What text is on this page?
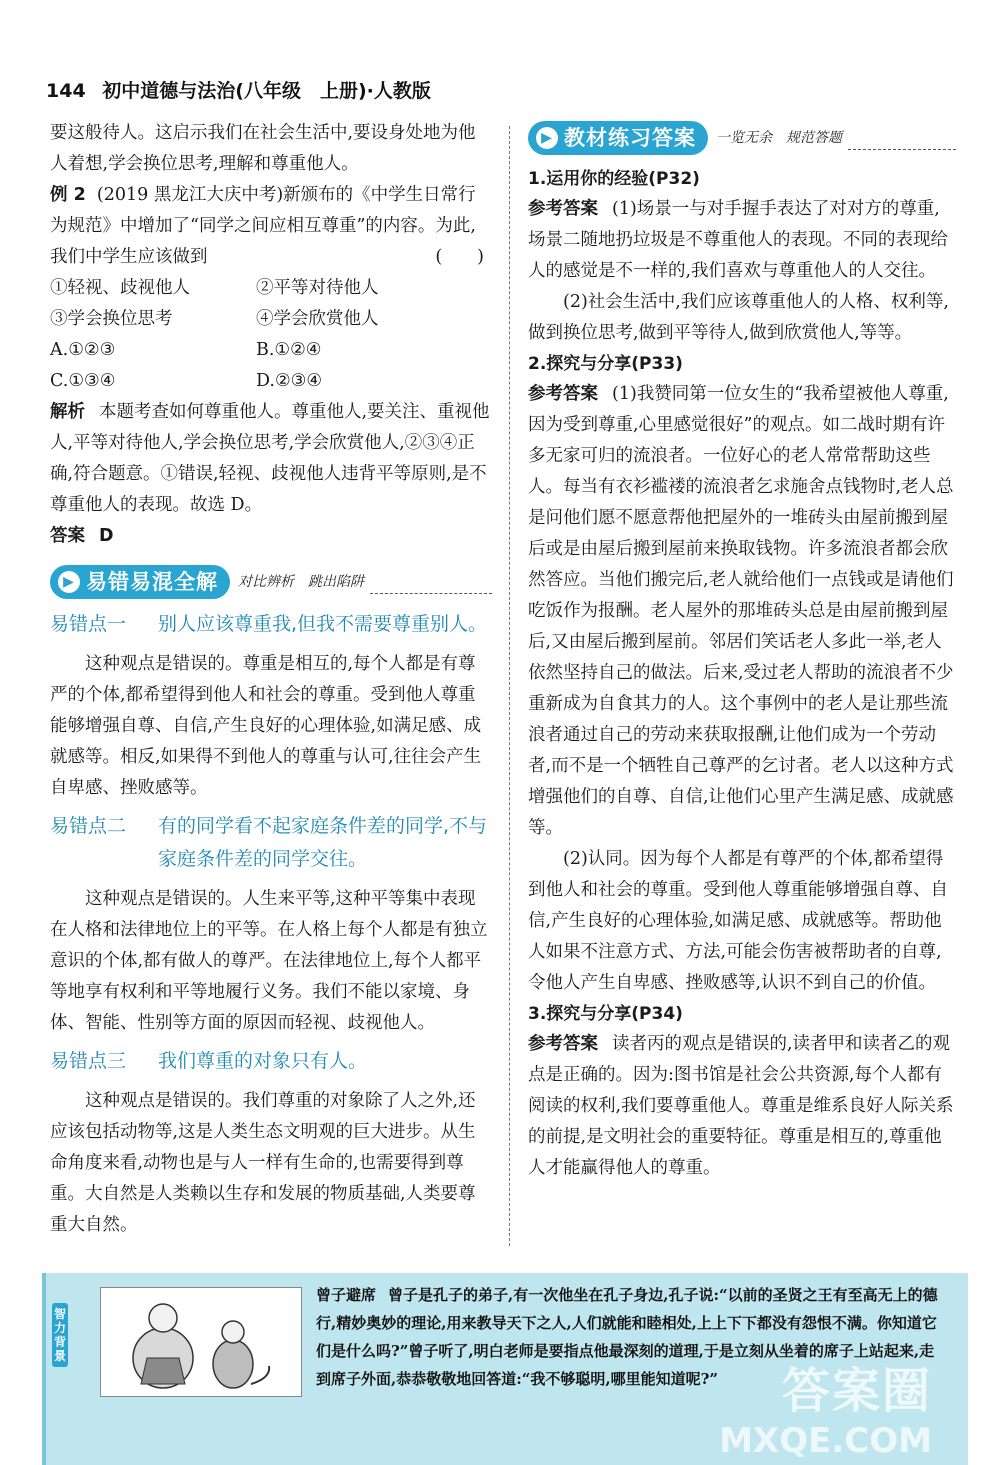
144 初中道德与法治(八年级　上册)·人教版

要这般待人。这启示我们在社会生活中,要设身处地为他人着想,学会换位思考,理解和尊重他人。

例 2 (2019 黑龙江大庆中考)新颁布的《中学生日常行为规范》中增加了“同学之间应相互尊重”的内容。为此,我们中学生应该做到	(　　)

①轻视、歧视他人	②平等对待他人
③学会换位思考	④学会欣赏他人
A.①②③	B.①②④
C.①③④	D.②③④

解析 本题考查如何尊重他人。尊重他人,要关注、重视他人,平等对待他人,学会换位思考,学会欣赏他人,②③④正确,符合题意。①错误,轻视、歧视他人违背平等原则,是不尊重他人的表现。故选 D。

答案 D

▶ 易错易混全解 对比辨析　跳出陷阱
易错点一	别人应该尊重我,但我不需要尊重别人。

这种观点是错误的。尊重是相互的,每个人都是有尊严的个体,都希望得到他人和社会的尊重。受到他人尊重能够增强自尊、自信,产生良好的心理体验,如满足感、成就感等。相反,如果得不到他人的尊重与认可,往往会产生自卑感、挫败感等。

易错点二	有的同学看不起家庭条件差的同学,不与家庭条件差的同学交往。

这种观点是错误的。人生来平等,这种平等集中表现在人格和法律地位上的平等。在人格上每个人都是有独立意识的个体,都有做人的尊严。在法律地位上,每个人都平等地享有权利和平等地履行义务。我们不能以家境、身体、智能、性别等方面的原因而轻视、歧视他人。

易错点三	我们尊重的对象只有人。

这种观点是错误的。我们尊重的对象除了人之外,还应该包括动物等,这是人类生态文明观的巨大进步。从生命角度来看,动物也是与人一样有生命的,也需要得到尊重。大自然是人类赖以生存和发展的物质基础,人类要尊重大自然。

▶ 教材练习答案 一览无余　规范答题
1.运用你的经验(P32)

参考答案 (1)场景一与对手握手表达了对对方的尊重,场景二随地扔垃圾是不尊重他人的表现。不同的表现给人的感觉是不一样的,我们喜欢与尊重他人的人交往。

(2)社会生活中,我们应该尊重他人的人格、权利等,做到换位思考,做到平等待人,做到欣赏他人,等等。

2.探究与分享(P33)

参考答案 (1)我赞同第一位女生的“我希望被他人尊重,因为受到尊重,心里感觉很好”的观点。如二战时期有许多无家可归的流浪者。一位好心的老人常常帮助这些人。每当有衣衫褴褛的流浪者乞求施舍点钱物时,老人总是问他们愿不愿意帮他把屋外的一堆砖头由屋前搬到屋后或是由屋后搬到屋前来换取钱物。许多流浪者都会欣然答应。当他们搬完后,老人就给他们一点钱或是请他们吃饭作为报酬。老人屋外的那堆砖头总是由屋前搬到屋后,又由屋后搬到屋前。邻居们笑话老人多此一举,老人依然坚持自己的做法。后来,受过老人帮助的流浪者不少重新成为自食其力的人。这个事例中的老人是让那些流浪者通过自己的劳动来获取报酬,让他们成为一个劳动者,而不是一个牺牲自己尊严的乞讨者。老人以这种方式增强他们的自尊、自信,让他们心里产生满足感、成就感等。

(2)认同。因为每个人都是有尊严的个体,都希望得到他人和社会的尊重。受到他人尊重能够增强自尊、自信,产生良好的心理体验,如满足感、成就感等。帮助他人如果不注意方式、方法,可能会伤害被帮助者的自尊,令他人产生自卑感、挫败感等,认识不到自己的价值。

3.探究与分享(P34)

参考答案 读者丙的观点是错误的,读者甲和读者乙的观点是正确的。因为:图书馆是社会公共资源,每个人都有阅读的权利,我们要尊重他人。尊重是维系良好人际关系的前提,是文明社会的重要特征。尊重是相互的,尊重他人才能赢得他人的尊重。

智力背景
曾子避席 曾子是孔子的弟子,有一次他坐在孔子身边,孔子说:“以前的圣贤之王有至高无上的德行,精妙奥妙的理论,用来教导天下之人,人们就能和睦相处,上上下下都没有怨恨不满。你知道它们是什么吗?”曾子听了,明白老师是要指点他最深刻的道理,于是立刻从坐着的席子上站起来,走到席子外面,恭恭敬敬地回答道:“我不够聪明,哪里能知道呢?”	答案圈
MXQE.COM
